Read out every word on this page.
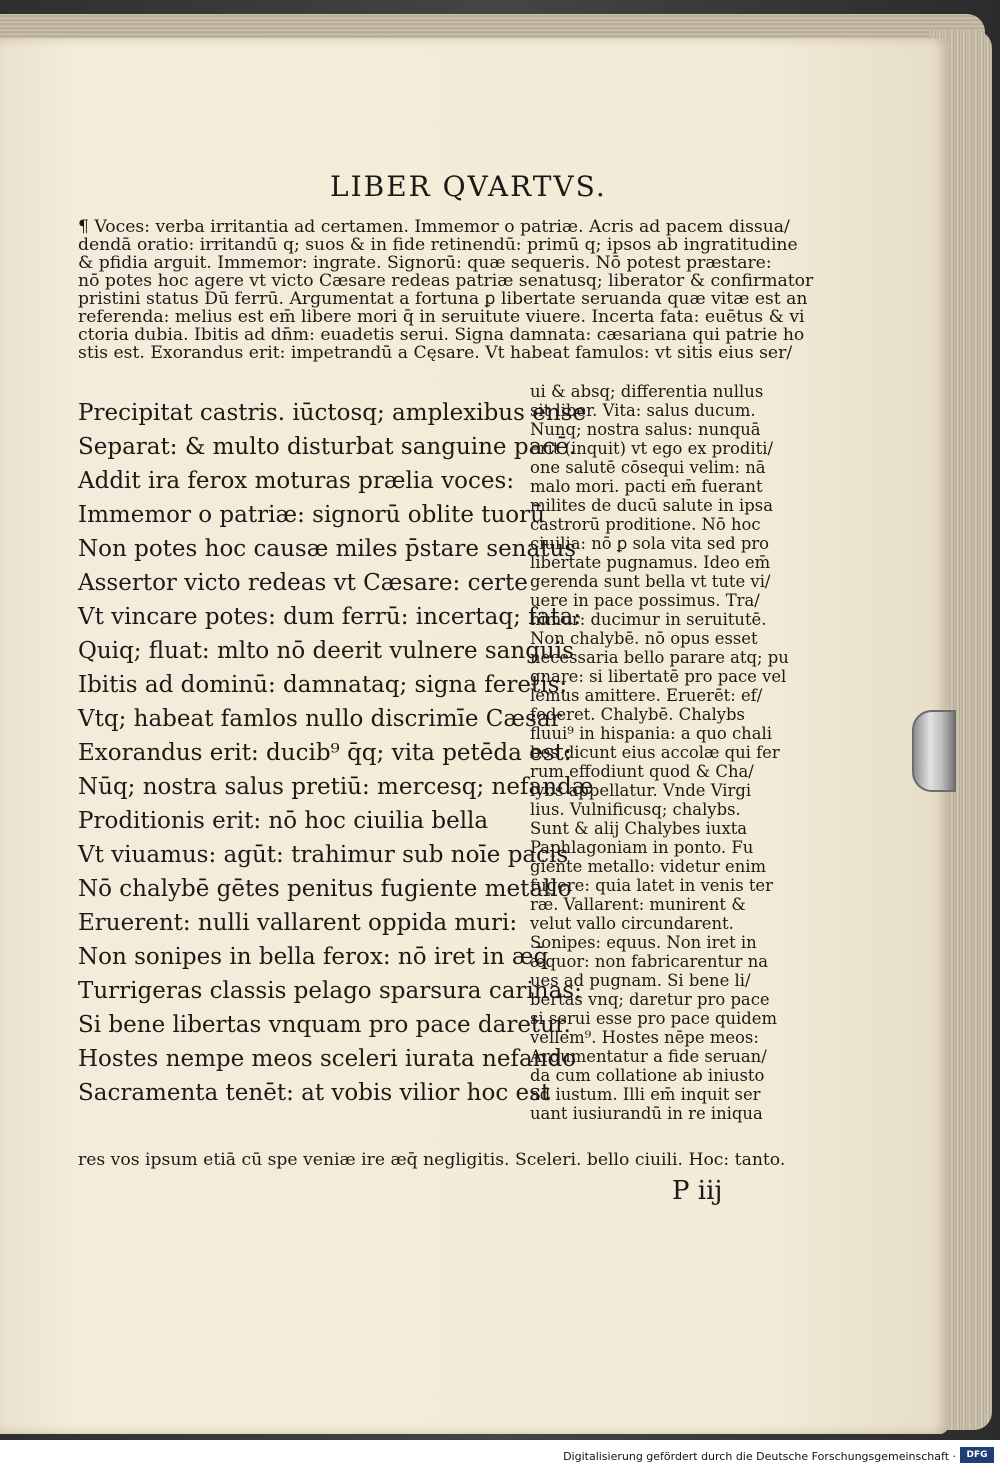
LIBER QVARTVS.

¶ Voces: verba irritantia ad certamen. Immemor o patriæ. Acris ad pacem dissua/
dendā oratio: irritandū q; suos & in fide retinendū: primū q; ipsos ab ingratitudine
& pfidia arguit. Immemor: ingrate. Signorū: quæ sequeris. Nō potest præstare:
nō potes hoc agere vt victo Cæsare redeas patriæ senatusq; liberator & confirmator
pristini status Dū ferrū. Argumentat a fortuna ꝑ libertate seruanda quæ vitæ est an
referenda: melius est em̄ libere mori q̄ in seruitute viuere. Incerta fata: euētus & vi
ctoria dubia. Ibitis ad dn̄m: euadetis serui. Signa damnata: cæsariana qui patrie ho
stis est. Exorandus erit: impetrandū a Cęsare. Vt habeat famulos: vt sitis eius ser/
Precipitat castris. iūctosq; amplexibus ense
Separat: & multo disturbat sanguine pacē.
Addit ira ferox moturas prælia voces:
Immemor o patriæ: signorū oblite tuorū
Non potes hoc causæ miles p̄stare senatus
Assertor victo redeas vt Cæsare: certe
Vt vincare potes: dum ferrū: incertaq; fata:
Quiq; fluat: mlto nō deerit vulnere sanguis
Ibitis ad dominū: damnataq; signa feretis:
Vtq; habeat famlos nullo discrimīe Cæsar
Exorandus erit: ducib⁹ q̄q; vita petēda est:
Nūq; nostra salus pretiū: mercesq; nefandæ
Proditionis erit: nō hoc ciuilia bella
Vt viuamus: agūt: trahimur sub noīe pacis
Nō chalybē gētes penitus fugiente metallo
Eruerent: nulli vallarent oppida muri:
Non sonipes in bella ferox: nō iret in æq̄
Turrigeras classis pelago sparsura carinas:
Si bene libertas vnquam pro pace daretur.
Hostes nempe meos sceleri iurata nefando
Sacramenta tenēt: at vobis vilior hoc est
ui & absq; differentia nullus
sit liber. Vita: salus ducum.
Nunq; nostra salus: nunquā
erit (inquit) vt ego ex proditi/
one salutē cōsequi velim: nā
malo mori. pacti em̄ fuerant
milites de ducū salute in ipsa
castrorū proditione. Nō hoc
ciuilia: nō ꝑ sola vita sed pro
libertate pugnamus. Ideo em̄
gerenda sunt bella vt tute vi/
uere in pace possimus. Tra/
himur: ducimur in seruitutē.
Non chalybē. nō opus esset
necessaria bello parare atq; pu
gnare: si libertatē pro pace vel
lemus amittere. Eruerēt: ef/
foderet. Chalybē. Chalybs
fluui⁹ in hispania: a quo chali
bes dicunt eius accolæ qui fer
rum effodiunt quod & Cha/
lybs appellatur. Vnde Virgi
lius. Vulnificusq; chalybs.
Sunt & alij Chalybes iuxta
Paphlagoniam in ponto. Fu
giente metallo: videtur enim
fugere: quia latet in venis ter
ræ. Vallarent: munirent &
velut vallo circundarent.
Sonipes: equus. Non iret in
æquor: non fabricarentur na
ues ad pugnam. Si bene li/
bertas vnq; daretur pro pace
si serui esse pro pace quidem
vellem⁹. Hostes nēpe meos:
Argumentatur a fide seruan/
da cum collatione ab iniusto
ad iustum. Illi em̄ inquit ser
uant iusiurandū in re iniqua

res vos ipsum etiā cū spe veniæ ire æq̄ negligitis. Sceleri. bello ciuili. Hoc: tanto.

P iij

Digitalisierung gefördert durch die Deutsche Forschungsgemeinschaft ·	DFG
